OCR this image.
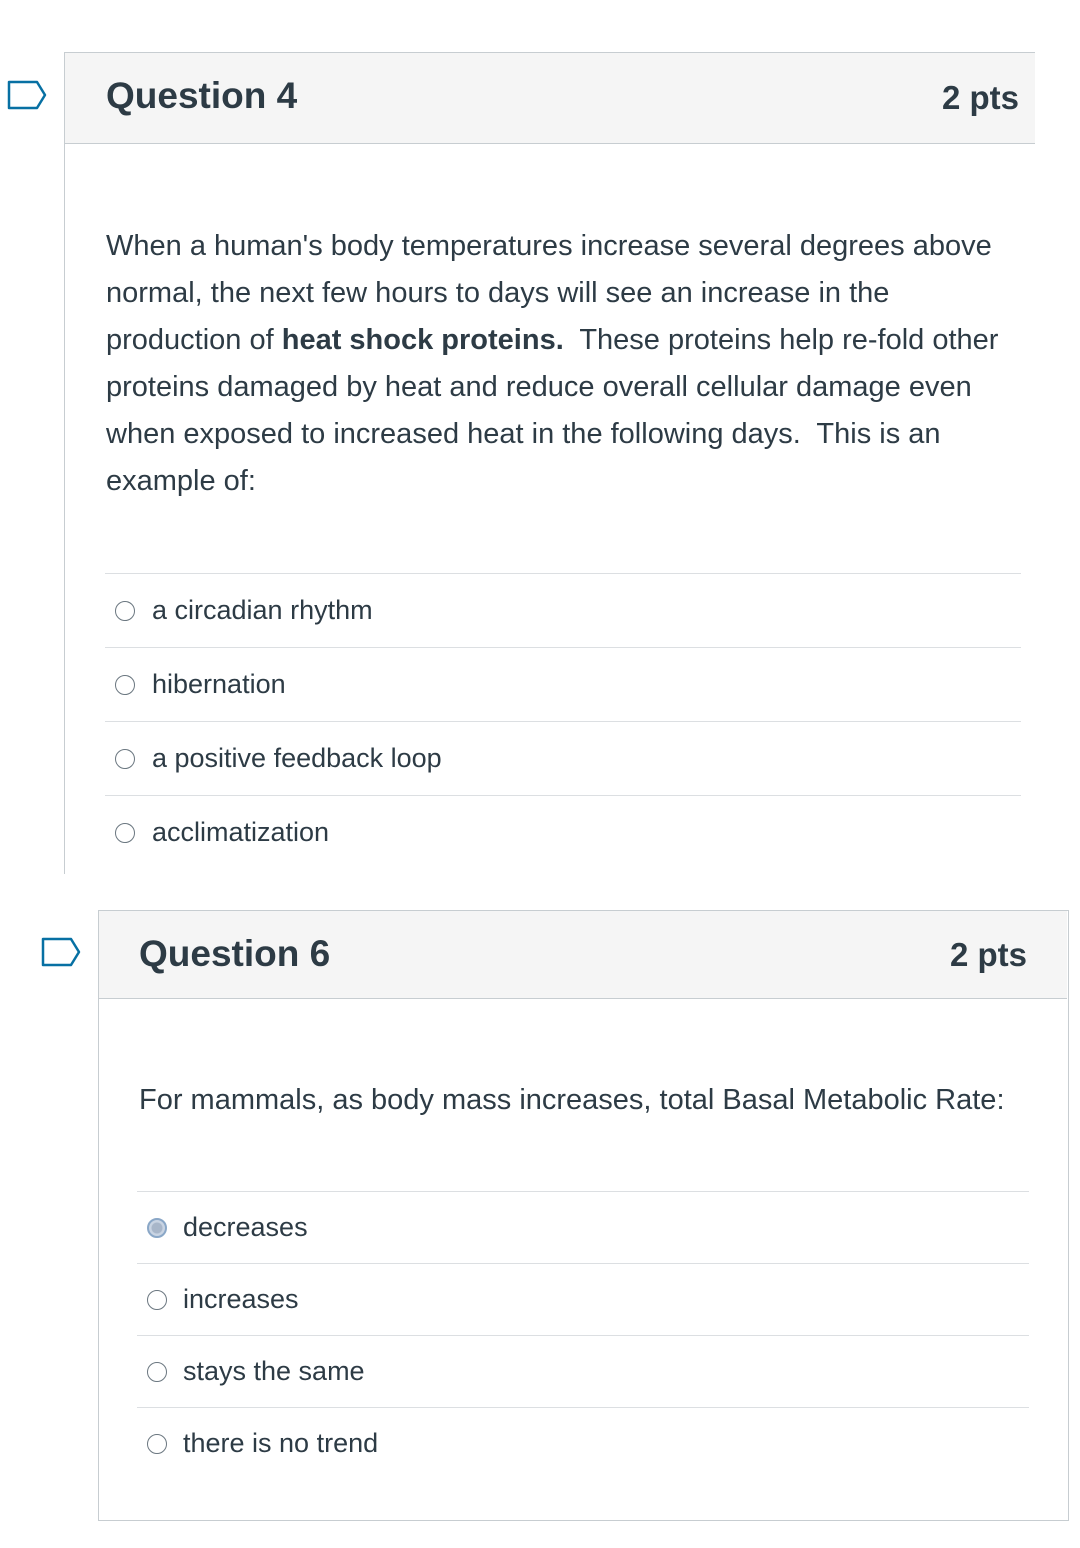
Question 4	2 pts
When a human's body temperatures increase several degrees above normal, the next few hours to days will see an increase in the production of heat shock proteins.  These proteins help re-fold other proteins damaged by heat and reduce overall cellular damage even when exposed to increased heat in the following days.  This is an example of:
a circadian rhythm
hibernation
a positive feedback loop
acclimatization
Question 6	2 pts
For mammals, as body mass increases, total Basal Metabolic Rate:
decreases
increases
stays the same
there is no trend
